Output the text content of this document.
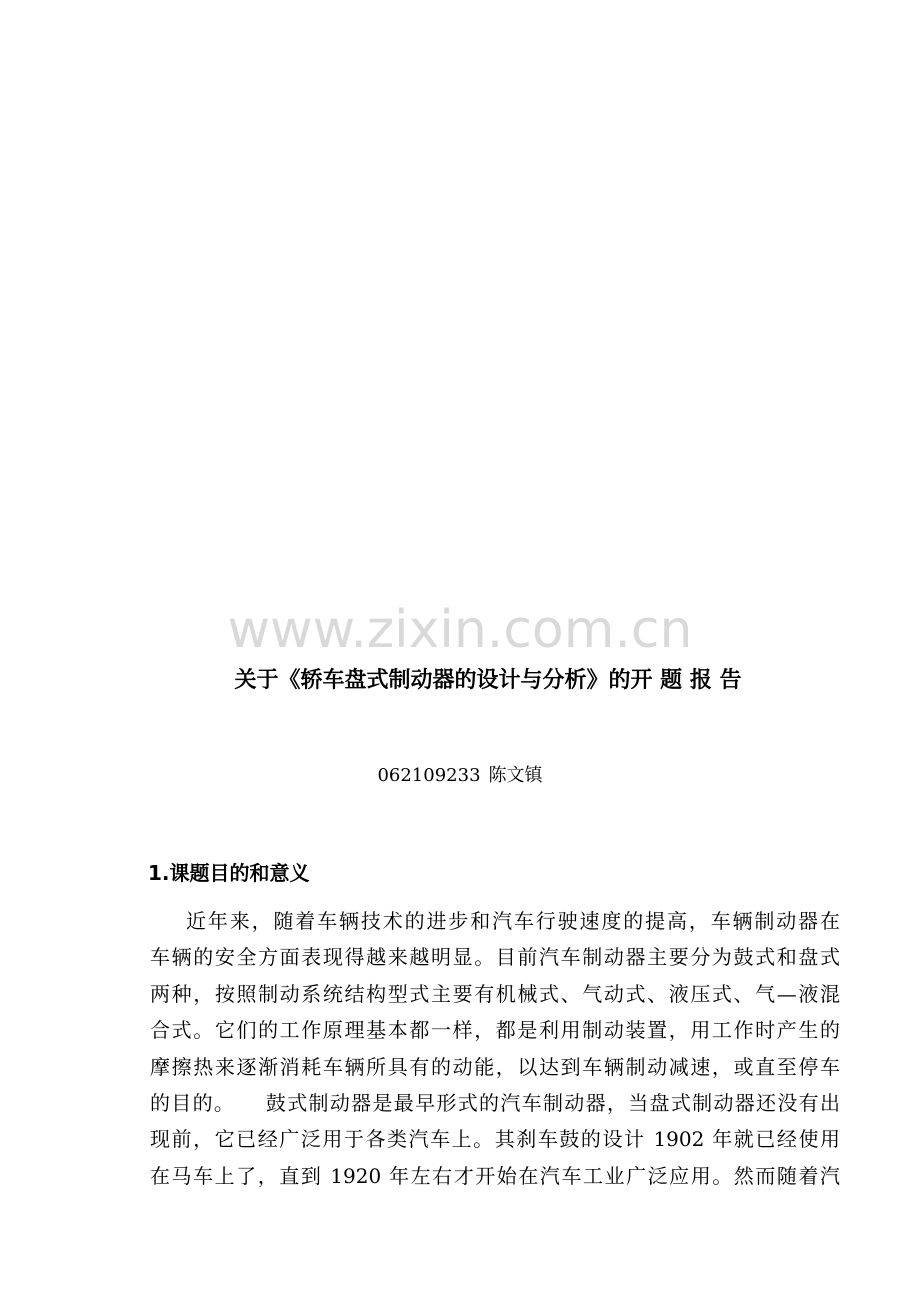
www.zixin.com.cn
关于《轿车盘式制动器的设计与分析》的开 题 报 告
062109233 陈文镇
1.课题目的和意义
近年来，随着车辆技术的进步和汽车行驶速度的提高，车辆制动器在
车辆的安全方面表现得越来越明显。目前汽车制动器主要分为鼓式和盘式
两种，按照制动系统结构型式主要有机械式、气动式、液压式、气—液混
合式。它们的工作原理基本都一样，都是利用制动装置，用工作时产生的
摩擦热来逐渐消耗车辆所具有的动能，以达到车辆制动减速，或直至停车
的目的。    鼓式制动器是最早形式的汽车制动器，当盘式制动器还没有出
现前，它已经广泛用于各类汽车上。其刹车鼓的设计 1902 年就已经使用
在马车上了，直到 1920 年左右才开始在汽车工业广泛应用。然而随着汽
